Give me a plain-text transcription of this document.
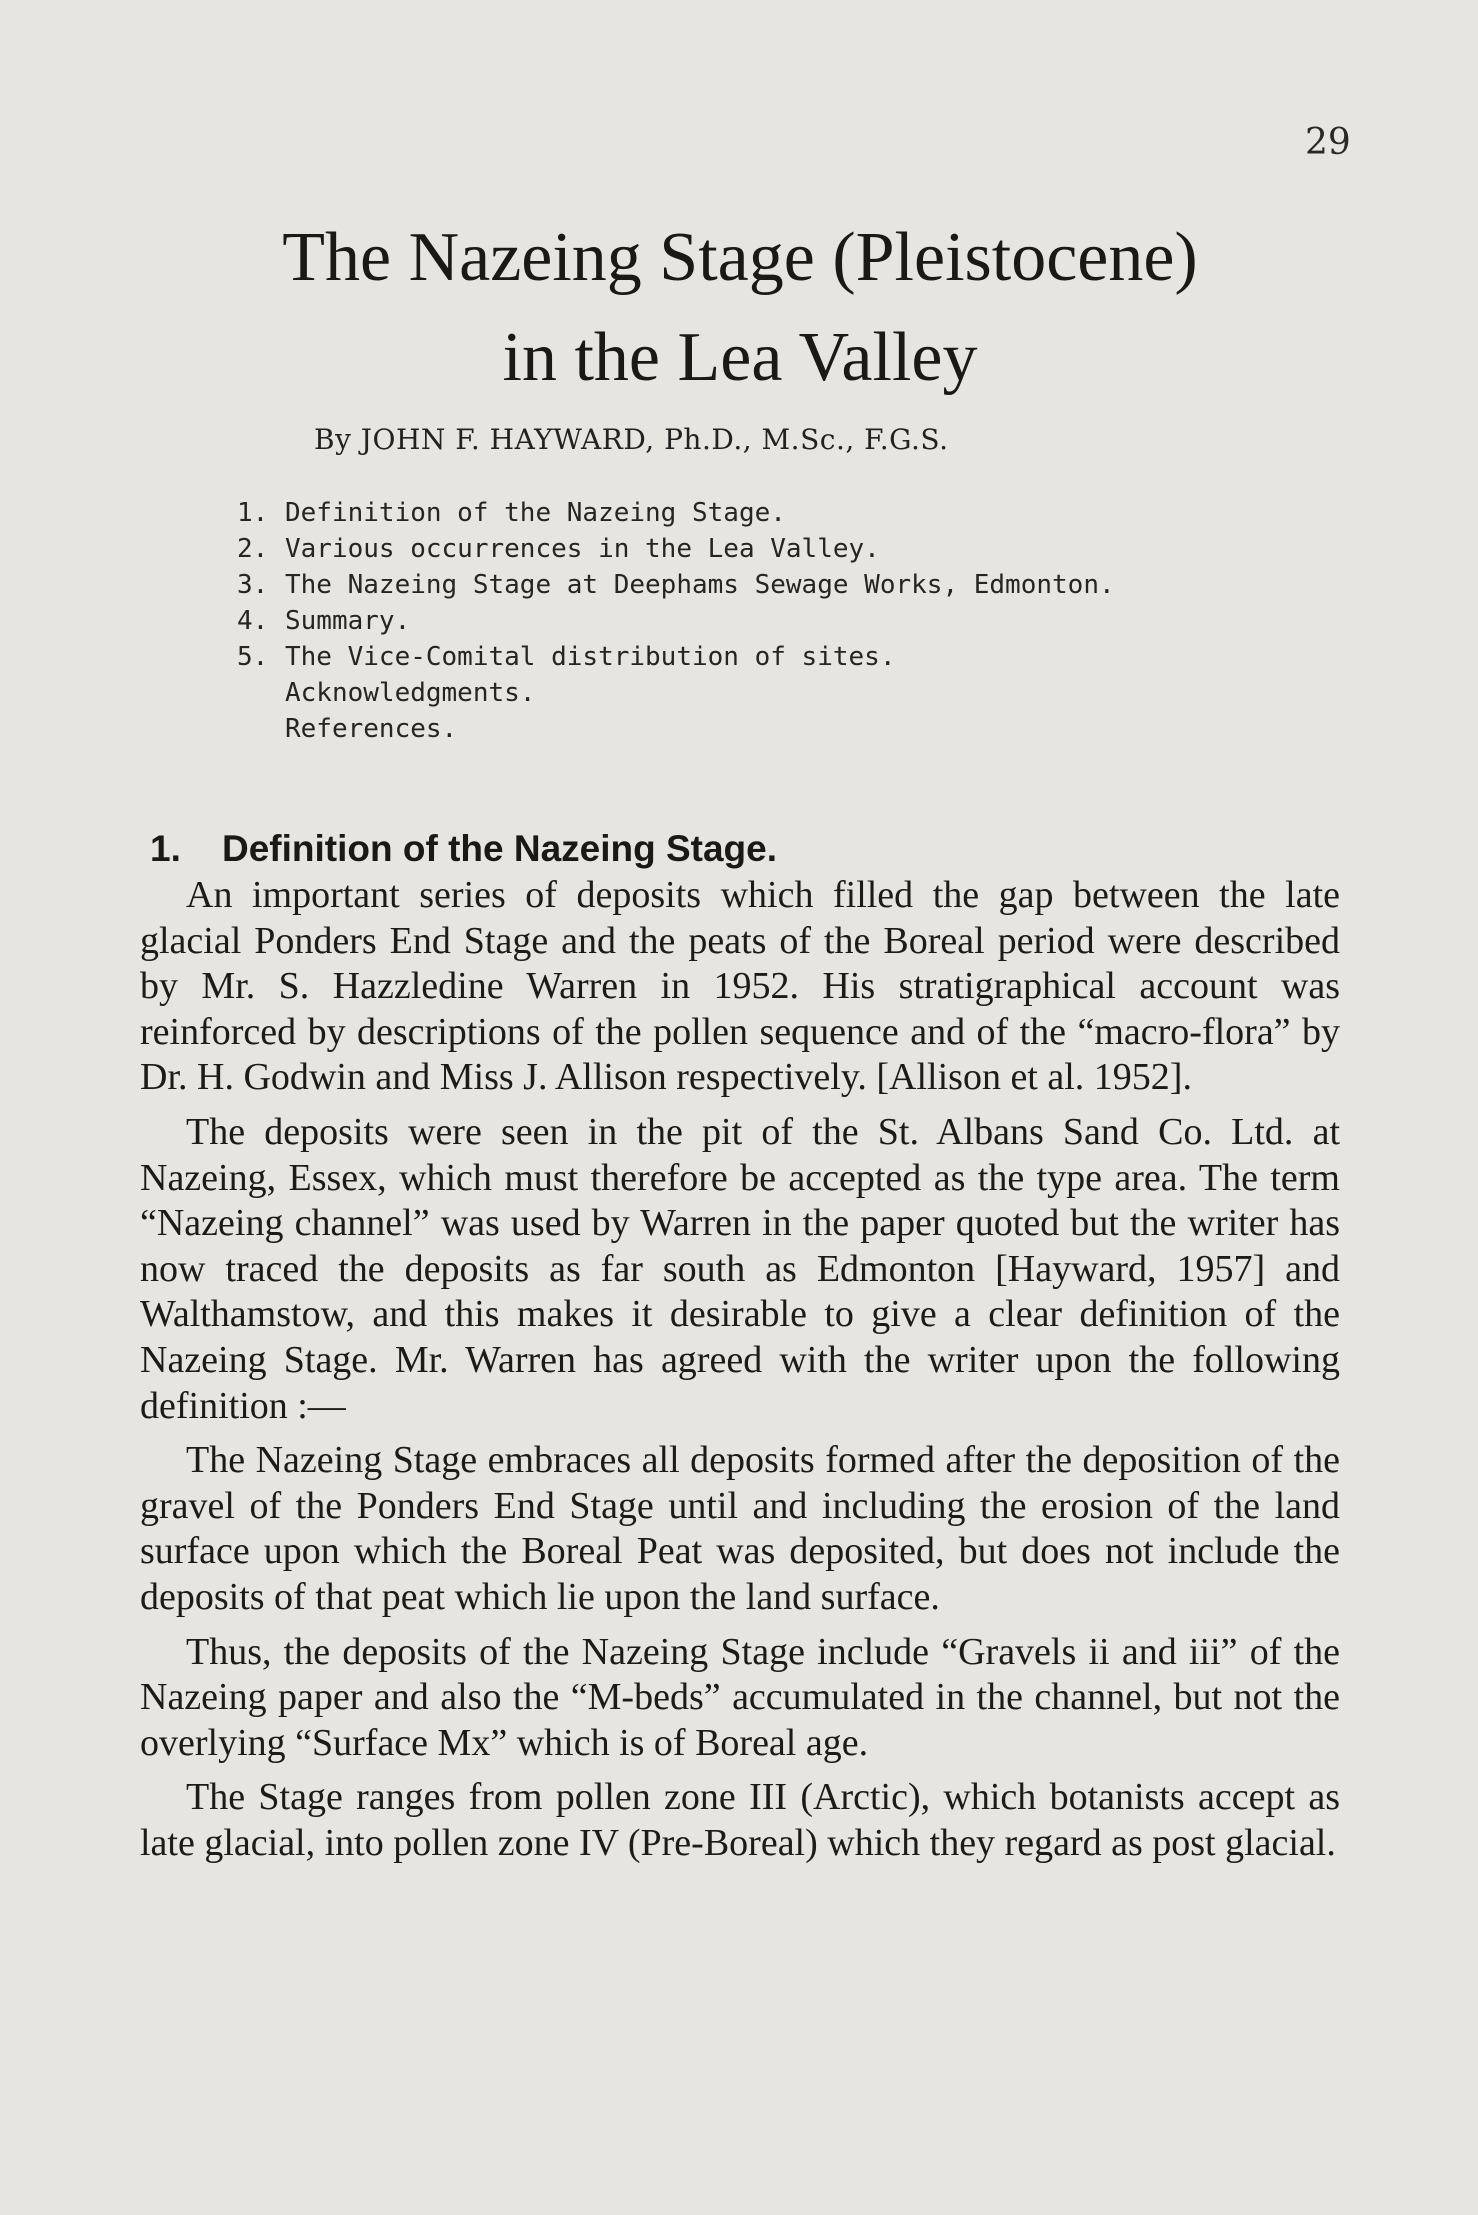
29
The Nazeing Stage (Pleistocene)
in the Lea Valley
By JOHN F. HAYWARD, Ph.D., M.Sc., F.G.S.
1. Definition of the Nazeing Stage.
2. Various occurrences in the Lea Valley.
3. The Nazeing Stage at Deephams Sewage Works, Edmonton.
4. Summary.
5. The Vice-Comital distribution of sites.
Acknowledgments.
References.
1. Definition of the Nazeing Stage.

An important series of deposits which filled the gap between the late glacial Ponders End Stage and the peats of the Boreal period were described by Mr. S. Hazzledine Warren in 1952. His stratigraphical account was reinforced by descriptions of the pollen sequence and of the “macro-flora” by Dr. H. Godwin and Miss J. Allison respectively. [Allison et al. 1952].

The deposits were seen in the pit of the St. Albans Sand Co. Ltd. at Nazeing, Essex, which must therefore be accepted as the type area. The term “Nazeing channel” was used by Warren in the paper quoted but the writer has now traced the deposits as far south as Edmonton [Hayward, 1957] and Walthamstow, and this makes it desirable to give a clear definition of the Nazeing Stage. Mr. Warren has agreed with the writer upon the following definition :—

The Nazeing Stage embraces all deposits formed after the deposition of the gravel of the Ponders End Stage until and including the erosion of the land surface upon which the Boreal Peat was deposited, but does not include the deposits of that peat which lie upon the land surface.

Thus, the deposits of the Nazeing Stage include “Gravels ii and iii” of the Nazeing paper and also the “M-beds” accumulated in the channel, but not the overlying “Surface Mx” which is of Boreal age.

The Stage ranges from pollen zone III (Arctic), which botanists accept as late glacial, into pollen zone IV (Pre-Boreal) which they regard as post glacial.
